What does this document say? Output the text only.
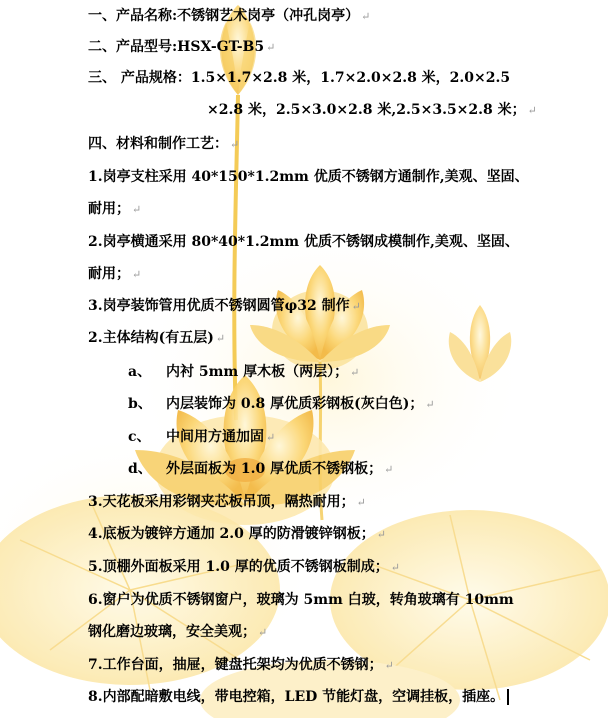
一、产品名称:不锈钢艺术岗亭（冲孔岗亭） ↵
二、产品型号:HSX-GT-B5 ↵
三、 产品规格：1.5×1.7×2.8 米，1.7×2.0×2.8 米，2.0×2.5
×2.8 米，2.5×3.0×2.8 米,2.5×3.5×2.8 米； ↵
四、材料和制作工艺： ↵
1.岗亭支柱采用 40*150*1.2mm 优质不锈钢方通制作,美观、坚固、
耐用； ↵
2.岗亭横通采用 80*40*1.2mm 优质不锈钢成模制作,美观、坚固、
耐用； ↵
3.岗亭装饰管用优质不锈钢圆管φ32 制作 ↵
2.主体结构(有五层) ↵
a、 内衬 5mm 厚木板（两层）； ↵
b、 内层装饰为 0.8 厚优质彩钢板(灰白色)； ↵
c、 中间用方通加固 ↵
d、 外层面板为 1.0 厚优质不锈钢板； ↵
3.天花板采用彩钢夹芯板吊顶，隔热耐用； ↵
4.底板为镀锌方通加 2.0 厚的防滑镀锌钢板； ↵
5.顶棚外面板采用 1.0 厚的优质不锈钢板制成； ↵
6.窗户为优质不锈钢窗户，玻璃为 5mm 白玻，转角玻璃有 10mm
钢化磨边玻璃，安全美观； ↵
7.工作台面，抽屉，键盘托架均为优质不锈钢； ↵
8.内部配暗敷电线，带电控箱，LED 节能灯盘，空调挂板，插座。
